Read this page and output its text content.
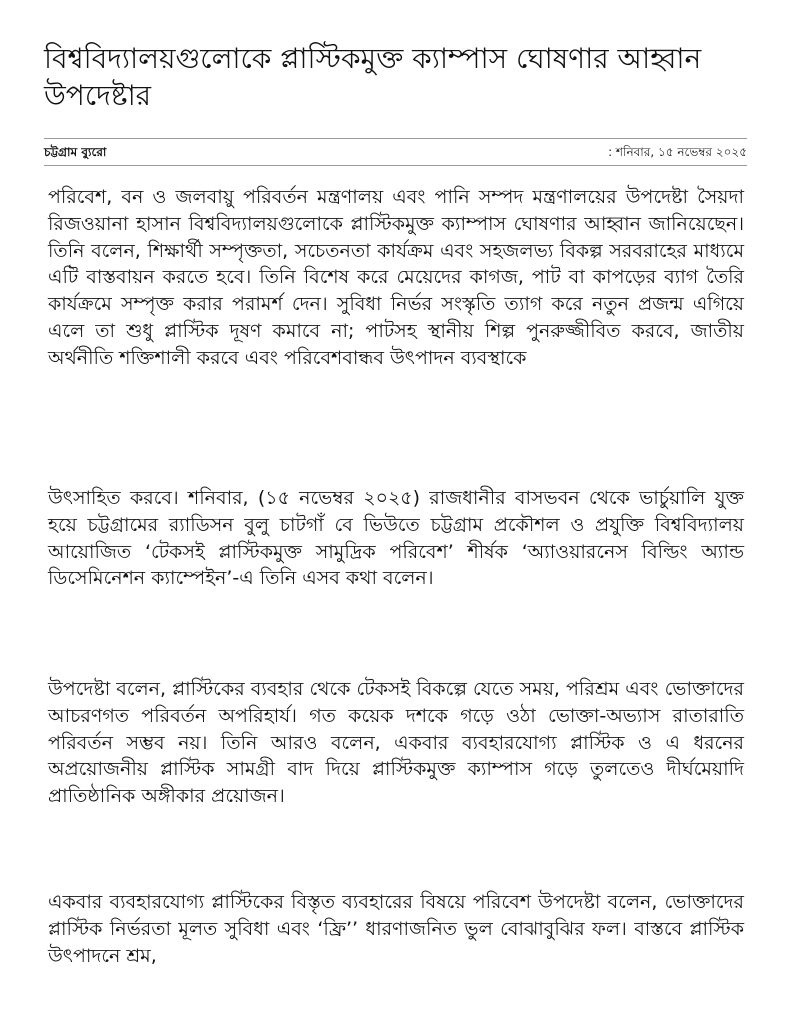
বিশ্ববিদ্যালয়গুলোকে প্লাস্টিকমুক্ত ক্যাম্পাস ঘোষণার আহ্বান উপদেষ্টার
চট্টগ্রাম ব্যুরো	: শনিবার, ১৫ নভেম্বর ২০২৫

পরিবেশ, বন ও জলবায়ু পরিবর্তন মন্ত্রণালয় এবং পানি সম্পদ মন্ত্রণালয়ের উপদেষ্টা সৈয়দা রিজওয়ানা হাসান বিশ্ববিদ্যালয়গুলোকে প্লাস্টিকমুক্ত ক্যাম্পাস ঘোষণার আহ্বান জানিয়েছেন। তিনি বলেন, শিক্ষার্থী সম্পৃক্ততা, সচেতনতা কার্যক্রম এবং সহজলভ্য বিকল্প সরবরাহের মাধ্যমে এটি বাস্তবায়ন করতে হবে। তিনি বিশেষ করে মেয়েদের কাগজ, পাট বা কাপড়ের ব্যাগ তৈরি কার্যক্রমে সম্পৃক্ত করার পরামর্শ দেন। সুবিধা নির্ভর সংস্কৃতি ত্যাগ করে নতুন প্রজন্ম এগিয়ে এলে তা শুধু প্লাস্টিক দূষণ কমাবে না; পাটসহ স্থানীয় শিল্প পুনরুজ্জীবিত করবে, জাতীয় অর্থনীতি শক্তিশালী করবে এবং পরিবেশবান্ধব উৎপাদন ব্যবস্থাকে

উৎসাহিত করবে। শনিবার, (১৫ নভেম্বর ২০২৫) রাজধানীর বাসভবন থেকে ভার্চুয়ালি যুক্ত হয়ে চট্টগ্রামের র‍্যাডিসন বুলু চাটগাঁ বে ভিউতে চট্টগ্রাম প্রকৌশল ও প্রযুক্তি বিশ্ববিদ্যালয় আয়োজিত ‘টেকসই প্লাস্টিকমুক্ত সামুদ্রিক পরিবেশ’ শীর্ষক ‘অ্যাওয়ারনেস বিল্ডিং অ্যান্ড ডিসেমিনেশন ক্যাম্পেইন’-এ তিনি এসব কথা বলেন।

উপদেষ্টা বলেন, প্লাস্টিকের ব্যবহার থেকে টেকসই বিকল্পে যেতে সময়, পরিশ্রম এবং ভোক্তাদের আচরণগত পরিবর্তন অপরিহার্য। গত কয়েক দশকে গড়ে ওঠা ভোক্তা-অভ্যাস রাতারাতি পরিবর্তন সম্ভব নয়। তিনি আরও বলেন, একবার ব্যবহারযোগ্য প্লাস্টিক ও এ ধরনের অপ্রয়োজনীয় প্লাস্টিক সামগ্রী বাদ দিয়ে প্লাস্টিকমুক্ত ক্যাম্পাস গড়ে তুলতেও দীর্ঘমেয়াদি প্রাতিষ্ঠানিক অঙ্গীকার প্রয়োজন।

একবার ব্যবহারযোগ্য প্লাস্টিকের বিস্তৃত ব্যবহারের বিষয়ে পরিবেশ উপদেষ্টা বলেন, ভোক্তাদের প্লাস্টিক নির্ভরতা মূলত সুবিধা এবং ‘ফ্রি’’ ধারণাজনিত ভুল বোঝাবুঝির ফল। বাস্তবে প্লাস্টিক উৎপাদনে শ্রম,
